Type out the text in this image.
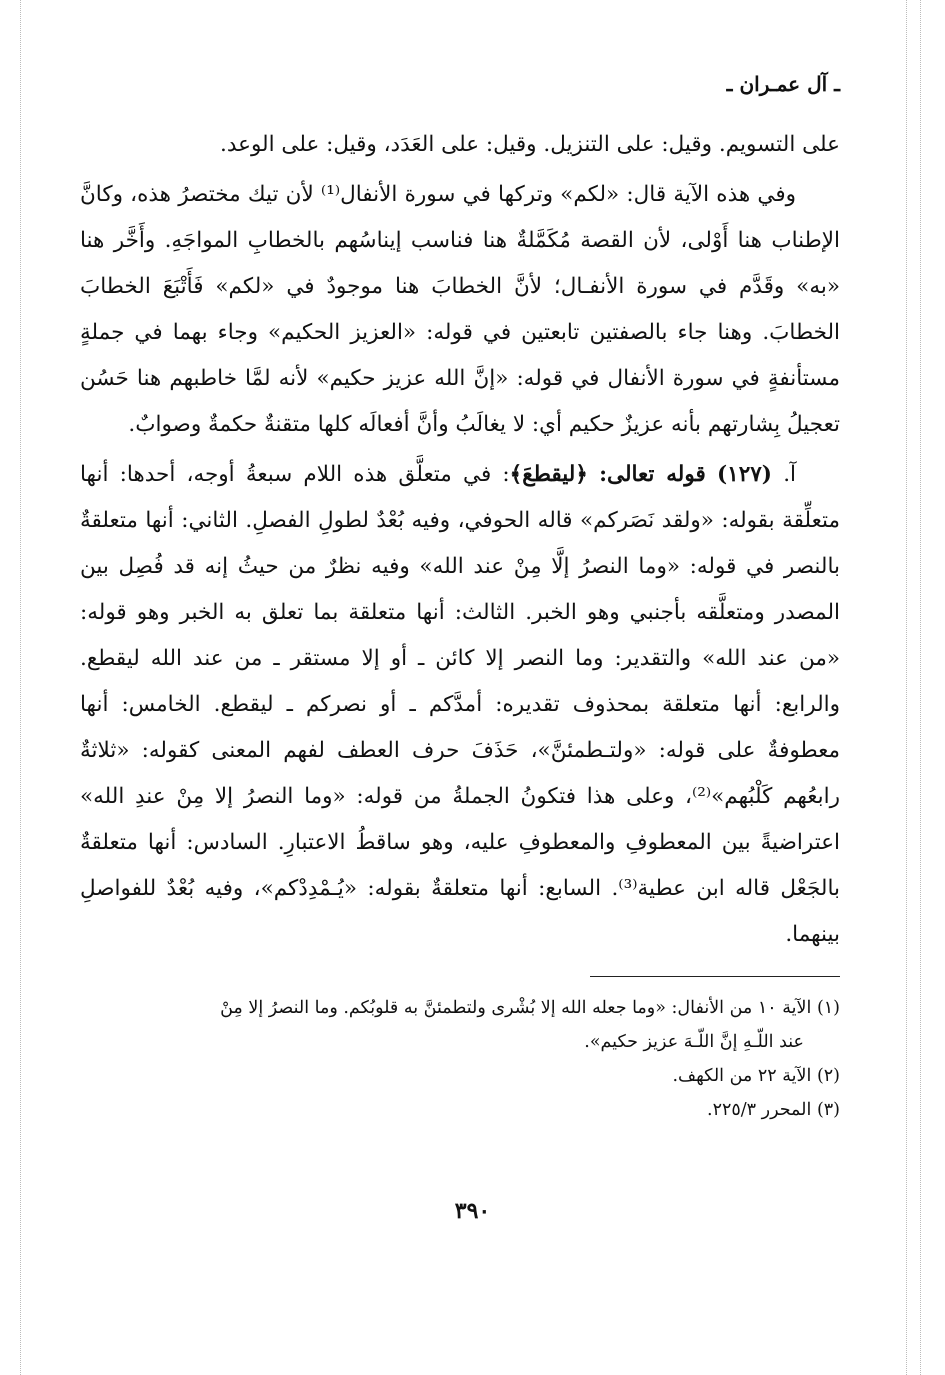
ـ آل عمـران ـ

على التسويم. وقيل: على التنزيل. وقيل: على العَدَد، وقيل: على الوعد.

وفي هذه الآية قال: «لكم» وتركها في سورة الأنفال⁽¹⁾ لأن تيك مختصرُ هذه، وكانَّ الإطناب هنا أَوْلى، لأن القصة مُكَمَّلةٌ هنا فناسب إيناسُهم بالخطابِ المواجَهِ. وأَخَّر هنا «به» وقَدَّم في سورة الأنفـال؛ لأنَّ الخطابَ هنا موجودٌ في «لكم» فَأَتْبَعَ الخطابَ الخطابَ. وهنا جاء بالصفتين تابعتين في قوله: «العزيز الحكيم» وجاء بهما في جملةٍ مستأنفةٍ في سورة الأنفال في قوله: «إنَّ الله عزيز حكيم» لأنه لمَّا خاطبهم هنا حَسُن تعجيلُ بِشارتهم بأنه عزيزٌ حكيم أي: لا يغالَبُ وأنَّ أفعالَه كلها متقنةٌ حكمةٌ وصوابٌ.

آ. (١٢٧) قوله تعالى: ﴿ليقطعَ﴾: في متعلَّق هذه اللام سبعةُ أوجه، أحدها: أنها متعلِّقة بقوله: «ولقد نَصَركم» قاله الحوفي، وفيه بُعْدٌ لطولِ الفصلِ. الثاني: أنها متعلقةٌ بالنصر في قوله: «وما النصرُ إلَّا مِنْ عند الله» وفيه نظرٌ من حيثُ إنه قد فُصِل بين المصدر ومتعلَّقه بأجنبي وهو الخبر. الثالث: أنها متعلقة بما تعلق به الخبر وهو قوله: «من عند الله» والتقدير: وما النصر إلا كائن ـ أو إلا مستقر ـ من عند الله ليقطع. والرابع: أنها متعلقة بمحذوف تقديره: أمدَّكم ـ أو نصركم ـ ليقطع. الخامس: أنها معطوفةٌ على قوله: «ولتـطمئنَّ»، حَذَفَ حرف العطف لفهم المعنى كقوله: «ثلاثةٌ رابعُهم كَلْبُهم»⁽²⁾، وعلى هذا فتكونُ الجملةُ من قوله: «وما النصرُ إلا مِنْ عندِ الله» اعتراضيةً بين المعطوفِ والمعطوفِ عليه، وهو ساقطُ الاعتبارِ. السادس: أنها متعلقةٌ بالجَعْل قاله ابن عطية⁽³⁾. السابع: أنها متعلقةٌ بقوله: «يُـمْدِدْكم»، وفيه بُعْدٌ للفواصلِ بينهما.

(١) الآية ١٠ من الأنفال: «وما جعله الله إلا بُشْرى ولتطمئنَّ به قلوبُكم. وما النصرُ إلا مِنْ

عند اللّـهِ إنَّ اللّـهَ عزيز حكيم».

(٢) الآية ٢٢ من الكهف.

(٣) المحرر ٢٢٥/٣.

٣٩٠
